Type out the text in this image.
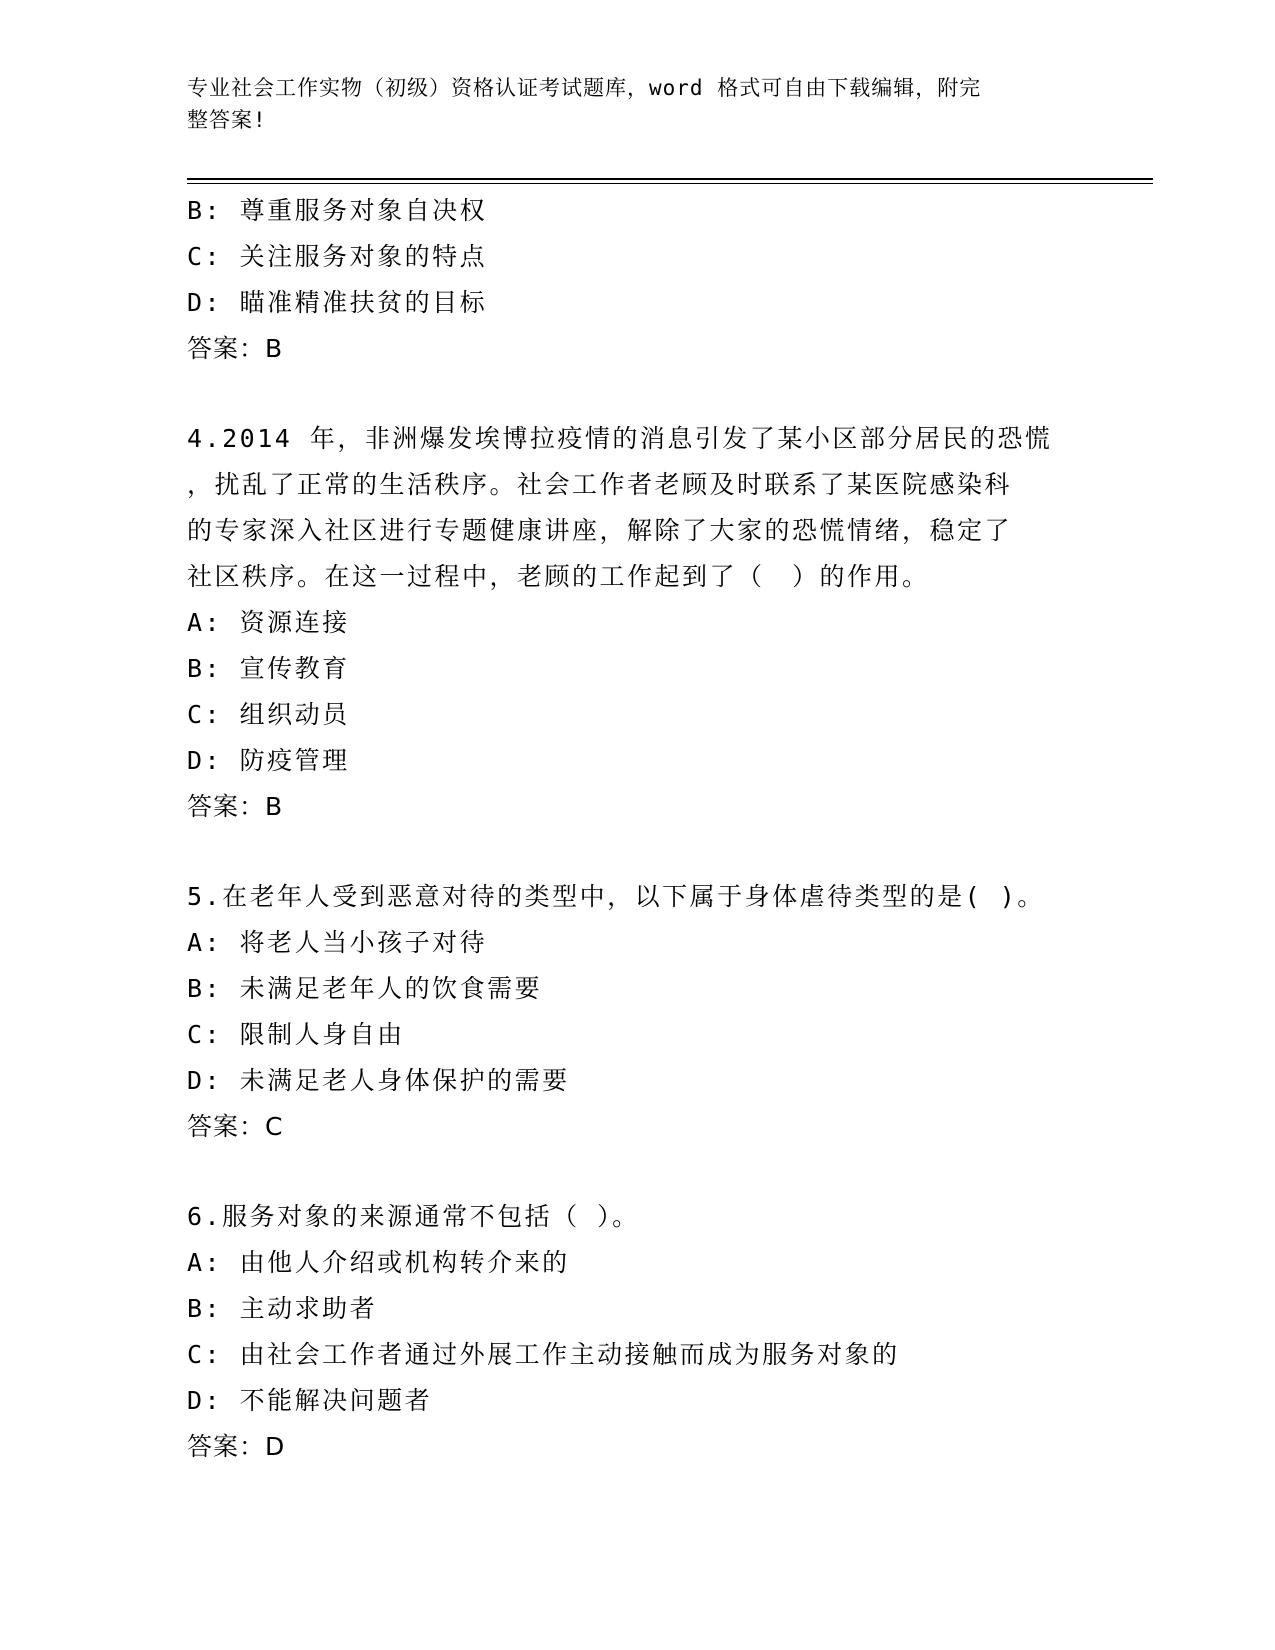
专业社会工作实物（初级）资格认证考试题库，word 格式可自由下载编辑，附完
整答案!
B: 尊重服务对象自决权
C: 关注服务对象的特点
D: 瞄准精准扶贫的目标
答案：B
4.2014 年，非洲爆发埃博拉疫情的消息引发了某小区部分居民的恐慌
，扰乱了正常的生活秩序。社会工作者老顾及时联系了某医院感染科
的专家深入社区进行专题健康讲座，解除了大家的恐慌情绪，稳定了
社区秩序。在这一过程中，老顾的工作起到了（　）的作用。
A: 资源连接
B: 宣传教育
C: 组织动员
D: 防疫管理
答案：B
5.在老年人受到恶意对待的类型中，以下属于身体虐待类型的是( )。
A: 将老人当小孩子对待
B: 未满足老年人的饮食需要
C: 限制人身自由
D: 未满足老人身体保护的需要
答案：C
6.服务对象的来源通常不包括（ ）。
A: 由他人介绍或机构转介来的
B: 主动求助者
C: 由社会工作者通过外展工作主动接触而成为服务对象的
D: 不能解决问题者
答案：D
